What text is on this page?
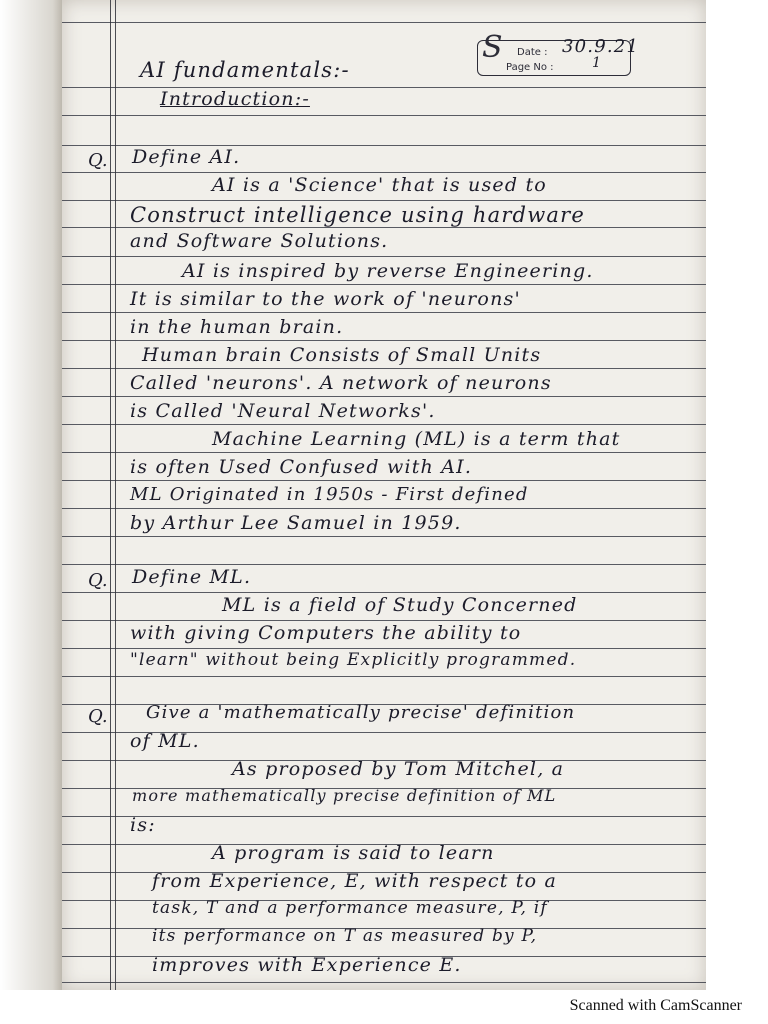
S Date : 30.9.21
Page No :	1
AI fundamentals:-
Introduction:-
Q. Define AI.
AI is a 'Science' that is used to
Construct intelligence using hardware
and Software Solutions.
AI is inspired by reverse Engineering.
It is similar to the work of 'neurons'
in the human brain.
Human brain Consists of Small Units
Called 'neurons'. A network of neurons
is Called 'Neural Networks'.
Machine Learning (ML) is a term that
is often Used Confused with AI.
ML Originated in 1950s - First defined
by Arthur Lee Samuel in 1959.
Q. Define ML.
ML is a field of Study Concerned
with giving Computers the ability to
"learn" without being Explicitly programmed.
Q. Give a 'mathematically precise' definition
of ML.
As proposed by Tom Mitchel, a
more mathematically precise definition of ML
is:
A program is said to learn
from Experience, E, with respect to a
task, T and a performance measure, P, if
its performance on T as measured by P,
improves with Experience E.
Scanned with CamScanner
